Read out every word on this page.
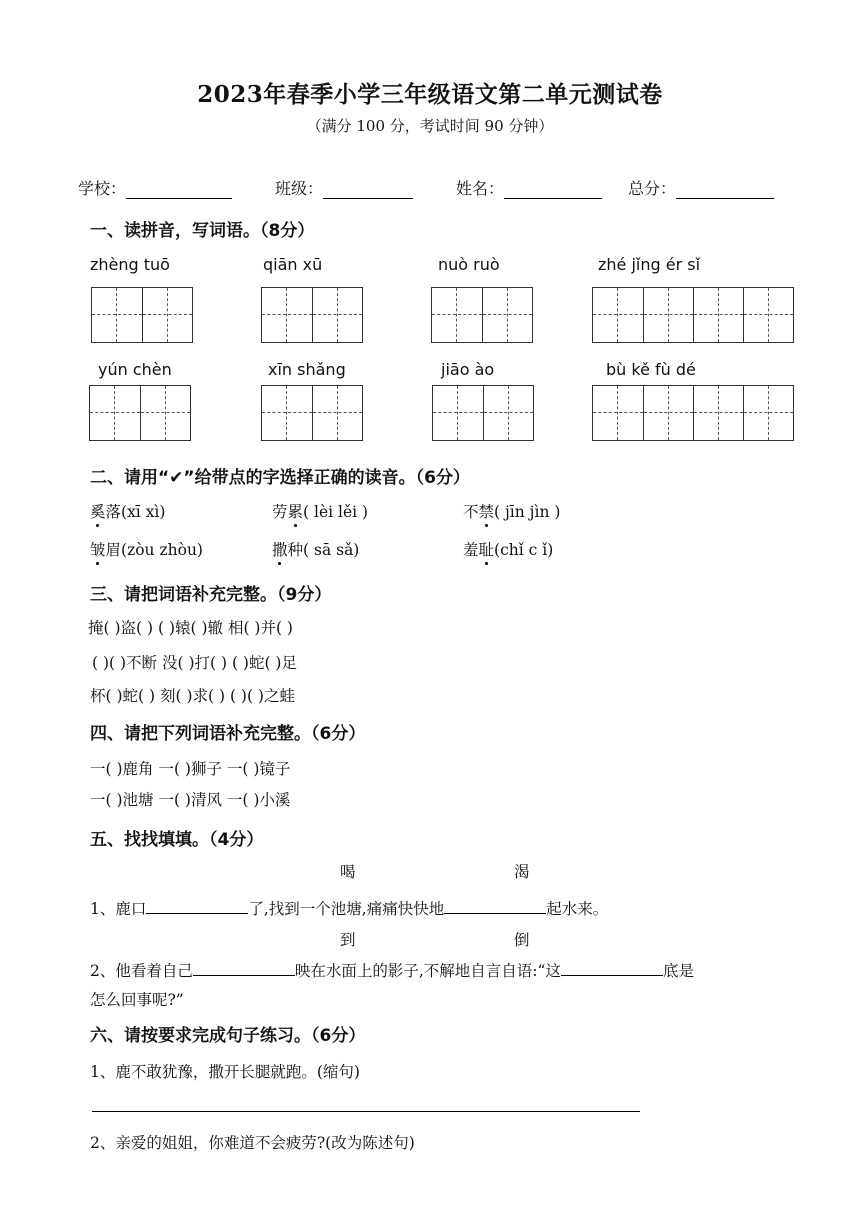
2023年春季小学三年级语文第二单元测试卷
（满分 100 分，考试时间 90 分钟）
学校：	班级：	姓名：	总分：
一、读拼音，写词语。（8分）
zhèng tuō	qiān xū	nuò ruò	zhé jǐng ér sǐ
yún chèn	xīn shǎng	jiāo ào	bù kě fù dé
二、请用“✔”给带点的字选择正确的读音。（6分）
奚落(xī xì)	劳累( lèi lěi )	不禁( jīn jìn )
皱眉(zòu zhòu)	撒种( sā sǎ)	羞耻(chǐ c ǐ)
三、请把词语补充完整。（9分）
掩( )盗( ) ( )辕( )辙 相( )并( )
( )( )不断 没( )打( ) ( )蛇( )足
杯( )蛇( ) 刻( )求( ) ( )( )之蛙
四、请把下列词语补充完整。（6分）
一( )鹿角 一( )狮子 一( )镜子
一( )池塘 一( )清风 一( )小溪
五、找找填填。（4分）
喝	渴
1、鹿口	了,找到一个池塘,痛痛快快地	起水来。
到	倒
2、他看着自己	映在水面上的影子,不解地自言自语:“这	底是
怎么回事呢?”
六、请按要求完成句子练习。（6分）
1、鹿不敢犹豫，撒开长腿就跑。(缩句)
2、亲爱的姐姐，你难道不会疲劳?(改为陈述句)
